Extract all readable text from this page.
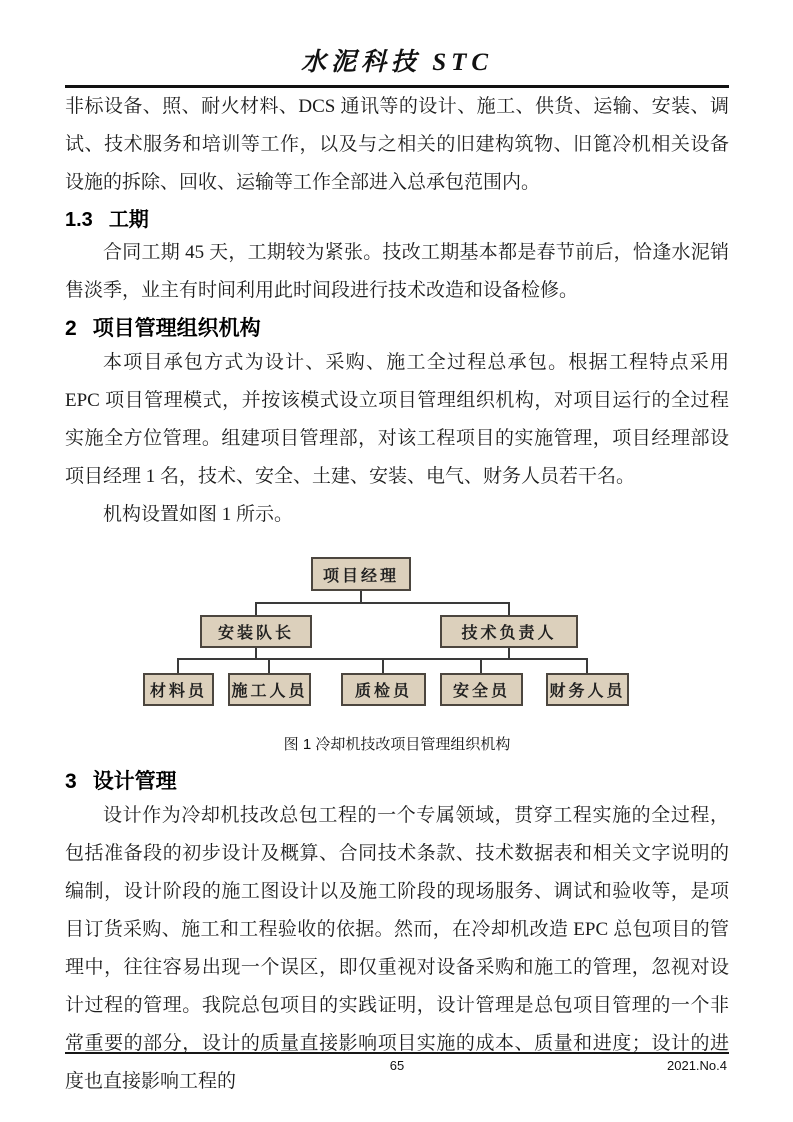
水泥科技 STC

非标设备、照、耐火材料、DCS 通讯等的设计、施工、供货、运输、安装、调试、技术服务和培训等工作，以及与之相关的旧建构筑物、旧篦冷机相关设备设施的拆除、回收、运输等工作全部进入总承包范围内。

1.3 工期

合同工期 45 天，工期较为紧张。技改工期基本都是春节前后，恰逢水泥销售淡季，业主有时间利用此时间段进行技术改造和设备检修。

2 项目管理组织机构

本项目承包方式为设计、采购、施工全过程总承包。根据工程特点采用 EPC 项目管理模式，并按该模式设立项目管理组织机构，对项目运行的全过程实施全方位管理。组建项目管理部，对该工程项目的实施管理，项目经理部设项目经理 1 名，技术、安全、土建、安装、电气、财务人员若干名。

机构设置如图 1 所示。

项目经理
安装队长	技术负责人
材料员	施工人员	质检员	安全员	财务人员
图 1 冷却机技改项目管理组织机构
3 设计管理

设计作为冷却机技改总包工程的一个专属领域，贯穿工程实施的全过程，包括准备段的初步设计及概算、合同技术条款、技术数据表和相关文字说明的编制，设计阶段的施工图设计以及施工阶段的现场服务、调试和验收等，是项目订货采购、施工和工程验收的依据。然而，在冷却机改造 EPC 总包项目的管理中，往往容易出现一个误区，即仅重视对设备采购和施工的管理，忽视对设计过程的管理。我院总包项目的实践证明，设计管理是总包项目管理的一个非常重要的部分，设计的质量直接影响项目实施的成本、质量和进度；设计的进度也直接影响工程的

65	2021.No.4
